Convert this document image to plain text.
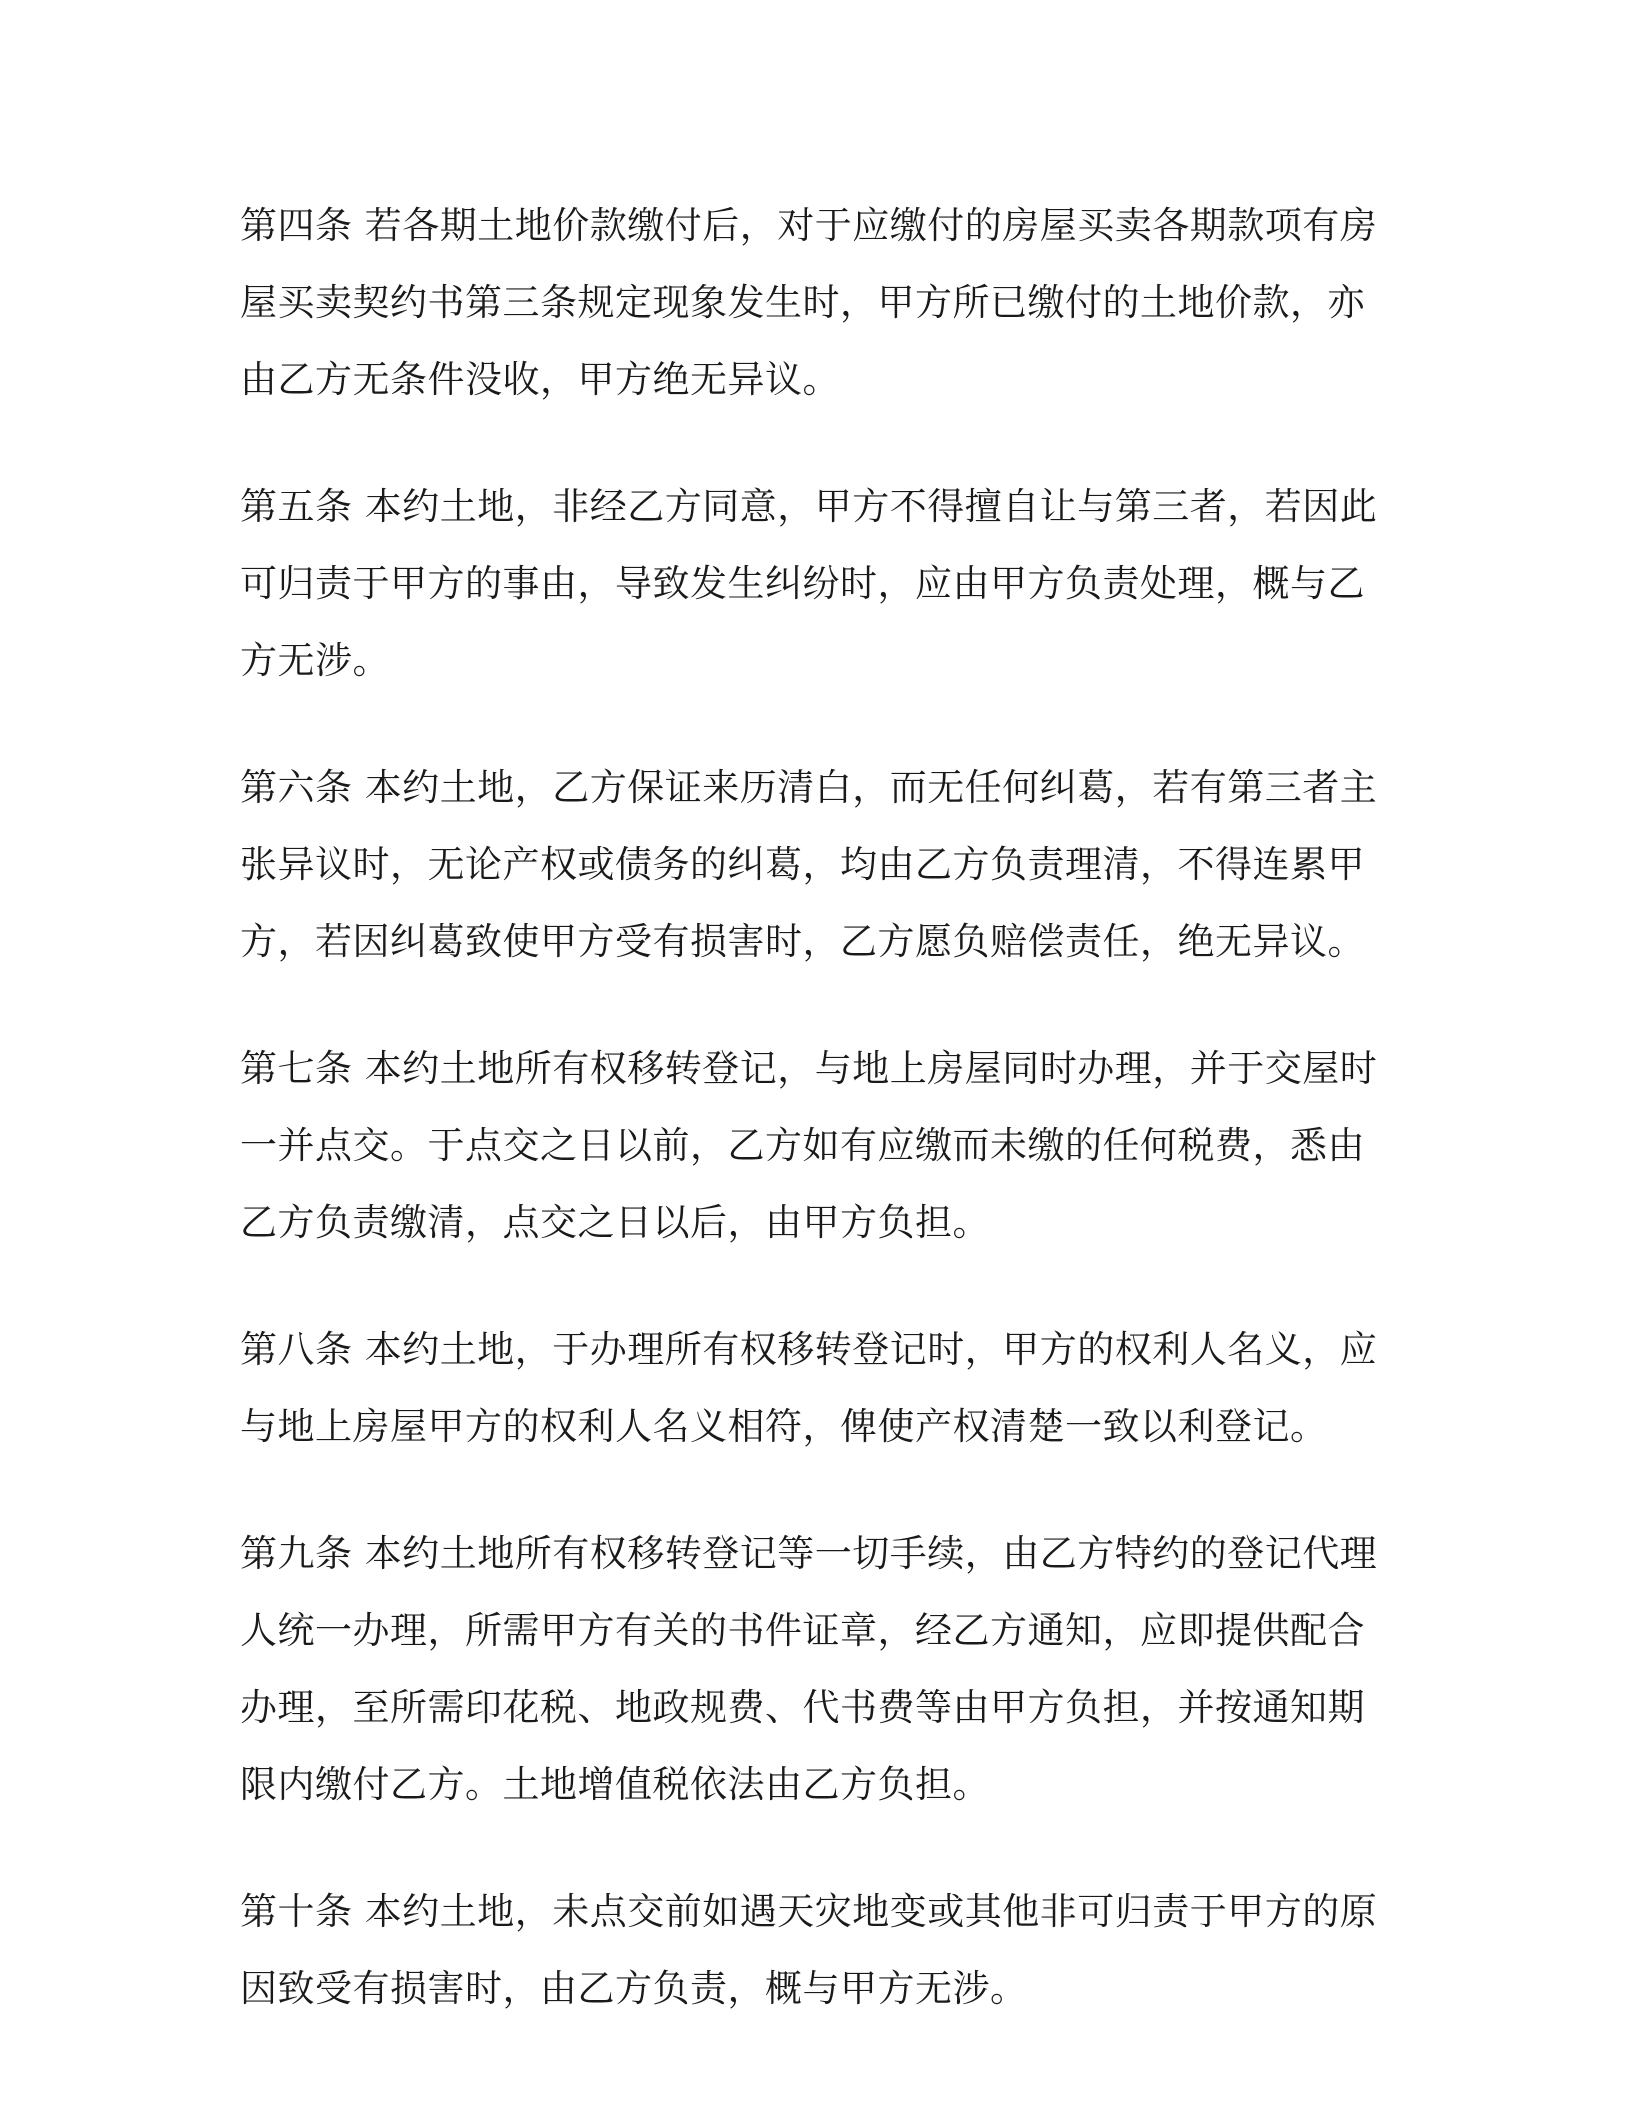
第四条 若各期土地价款缴付后，对于应缴付的房屋买卖各期款项有房
屋买卖契约书第三条规定现象发生时，甲方所已缴付的土地价款，亦
由乙方无条件没收，甲方绝无异议。
第五条 本约土地，非经乙方同意，甲方不得擅自让与第三者，若因此
可归责于甲方的事由，导致发生纠纷时，应由甲方负责处理，概与乙
方无涉。
第六条 本约土地，乙方保证来历清白，而无任何纠葛，若有第三者主
张异议时，无论产权或债务的纠葛，均由乙方负责理清，不得连累甲
方，若因纠葛致使甲方受有损害时，乙方愿负赔偿责任，绝无异议。
第七条 本约土地所有权移转登记，与地上房屋同时办理，并于交屋时
一并点交。于点交之日以前，乙方如有应缴而未缴的任何税费，悉由
乙方负责缴清，点交之日以后，由甲方负担。
第八条 本约土地，于办理所有权移转登记时，甲方的权利人名义，应
与地上房屋甲方的权利人名义相符，俾使产权清楚一致以利登记。
第九条 本约土地所有权移转登记等一切手续，由乙方特约的登记代理
人统一办理，所需甲方有关的书件证章，经乙方通知，应即提供配合
办理，至所需印花税、地政规费、代书费等由甲方负担，并按通知期
限内缴付乙方。土地增值税依法由乙方负担。
第十条 本约土地，未点交前如遇天灾地变或其他非可归责于甲方的原
因致受有损害时，由乙方负责，概与甲方无涉。
